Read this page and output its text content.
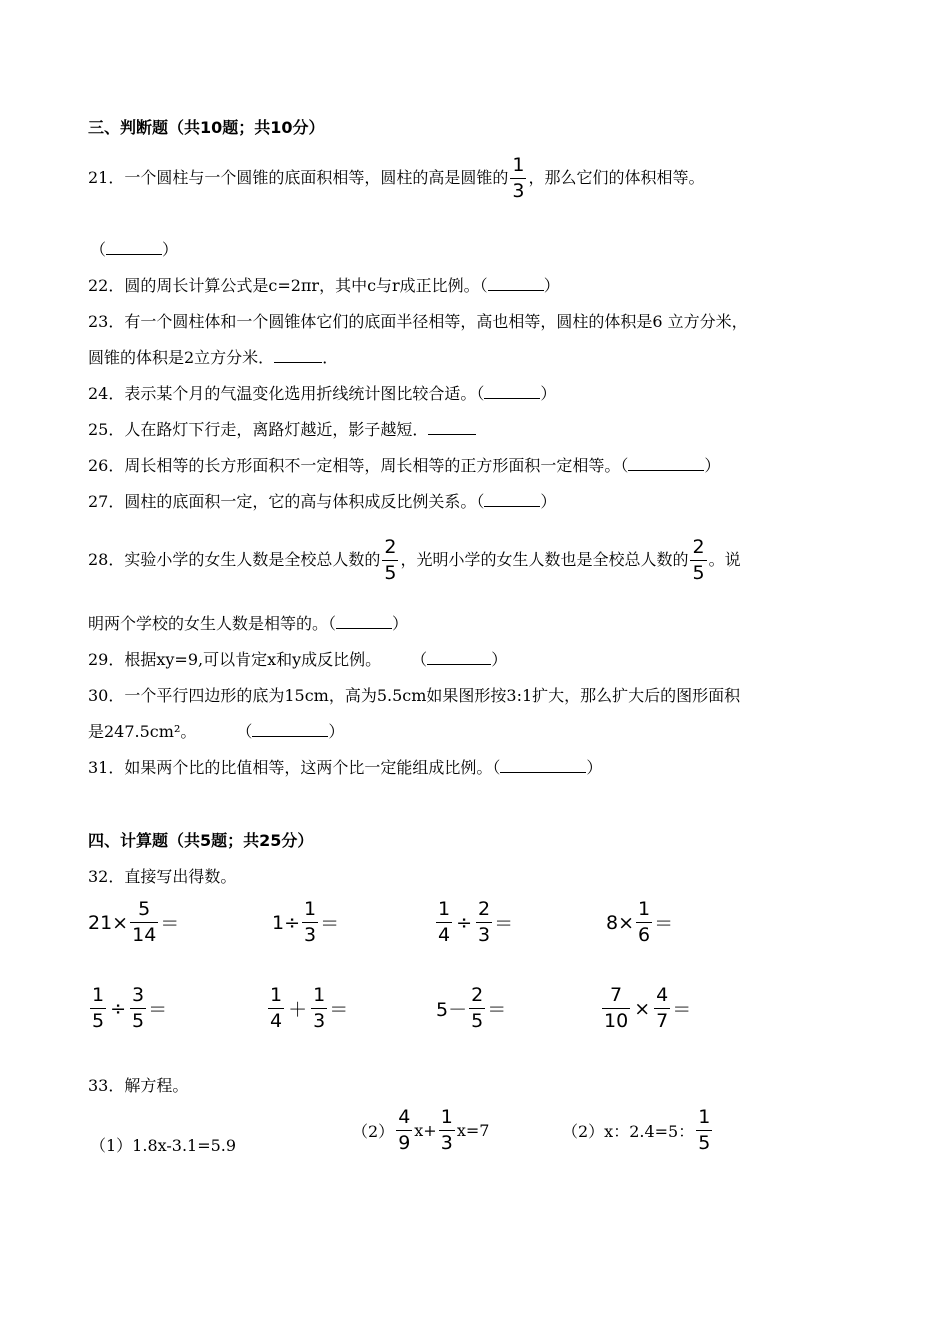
三、判断题（共10题；共10分）
21．一个圆柱与一个圆锥的底面积相等，圆柱的高是圆锥的 $\frac{1}{3}$ ，那么它们的体积相等。
（	）
22．圆的周长计算公式是c=2πr，其中c与r成正比例。（	）
23．有一个圆柱体和一个圆锥体它们的底面半径相等，高也相等，圆柱的体积是6 立方分米，
圆锥的体积是2立方分米．	．
24．表示某个月的气温变化选用折线统计图比较合适。（	）
25．人在路灯下行走，离路灯越近，影子越短．
26．周长相等的长方形面积不一定相等，周长相等的正方形面积一定相等。（	）
27．圆柱的底面积一定，它的高与体积成反比例关系。（	）
28．实验小学的女生人数是全校总人数的 $\frac{2}{5}$ ，光明小学的女生人数也是全校总人数的 $\frac{2}{5}$ 。说
明两个学校的女生人数是相等的。（	）
29．根据xy=9,可以肯定x和y成反比例。 （	）
30．一个平行四边形的底为15cm，高为5.5cm如果图形按3:1扩大，那么扩大后的图形面积
是247.5cm²。	（	）
31．如果两个比的比值相等，这两个比一定能组成比例。（	）
四、计算题（共5题；共25分）
32．直接写出得数。
$21\times \frac{5}{14}$ ＝	$1\div \frac{1}{3}$ ＝	$\frac{1}{4} \div \frac{2}{3}$ ＝	$8\times \frac{1}{6}$ ＝
$\frac{1}{5} \div \frac{3}{5}$ ＝	$\frac{1}{4} + \frac{1}{3}$ ＝	$5- \frac{2}{5}$ ＝	$\frac{7}{10} \times \frac{4}{7}$ ＝
33．解方程。
（1）1.8x-3.1=5.9
$(2) \frac{4}{9} x+ \frac{1}{3} x=7$	（2）x：2.4=5： $\frac{1}{5}$
